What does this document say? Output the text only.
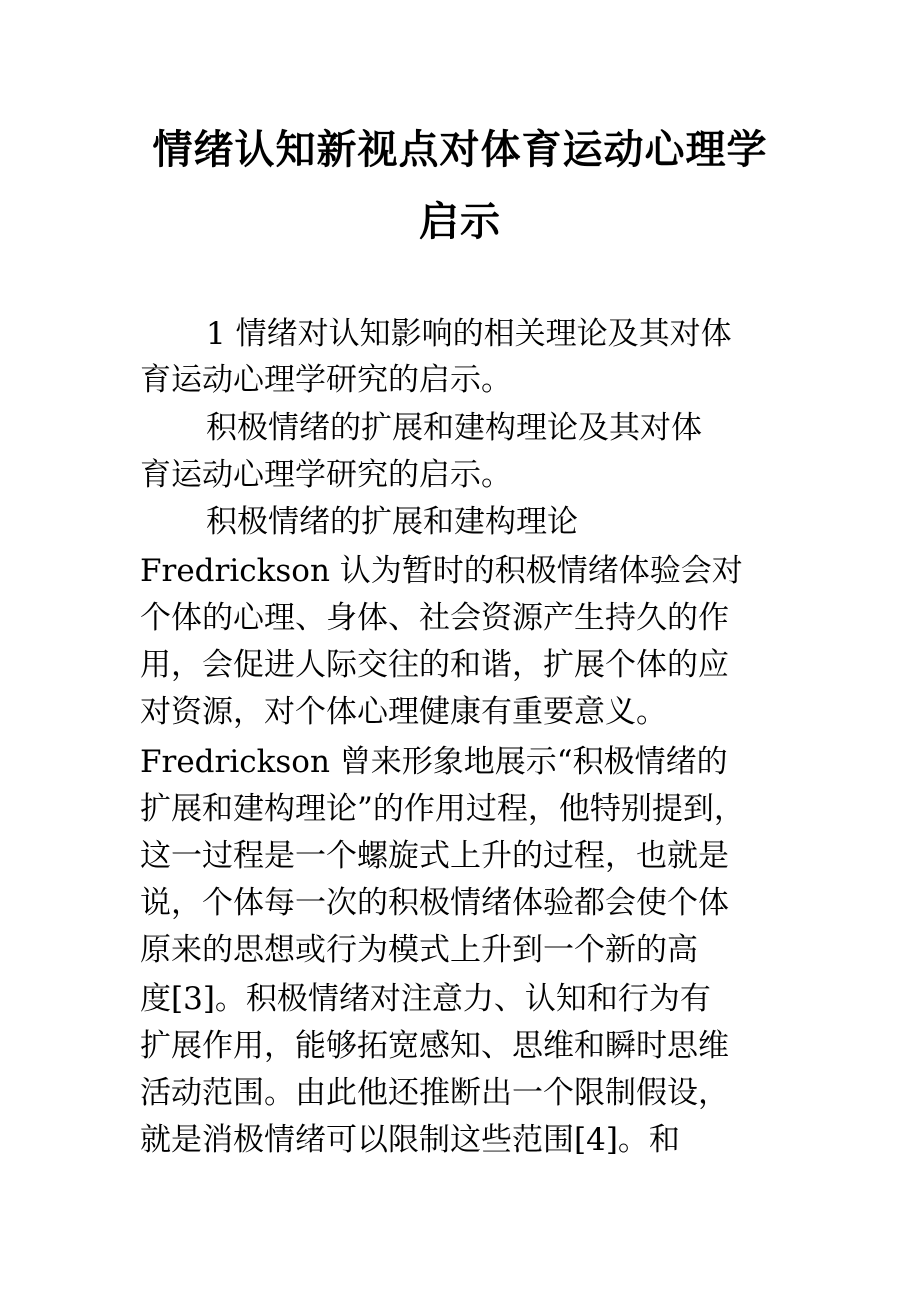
情绪认知新视点对体育运动心理学
启示
1 情绪对认知影响的相关理论及其对体
育运动心理学研究的启示。
积极情绪的扩展和建构理论及其对体
育运动心理学研究的启示。
积极情绪的扩展和建构理论
Fredrickson 认为暂时的积极情绪体验会对
个体的心理、身体、社会资源产生持久的作
用，会促进人际交往的和谐，扩展个体的应
对资源，对个体心理健康有重要意义。
Fredrickson 曾来形象地展示“积极情绪的
扩展和建构理论”的作用过程，他特别提到，
这一过程是一个螺旋式上升的过程，也就是
说，个体每一次的积极情绪体验都会使个体
原来的思想或行为模式上升到一个新的高
度[3]。积极情绪对注意力、认知和行为有
扩展作用，能够拓宽感知、思维和瞬时思维
活动范围。由此他还推断出一个限制假设，
就是消极情绪可以限制这些范围[4]。和
